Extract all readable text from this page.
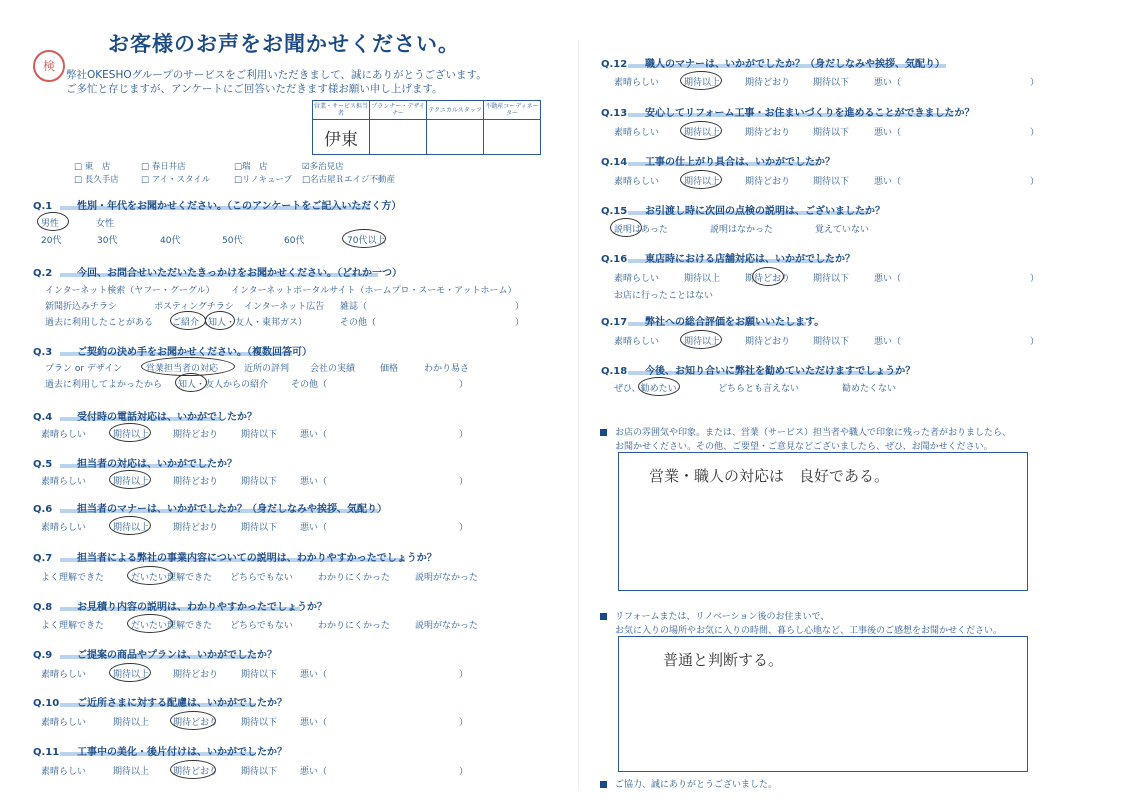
検
お客様のお声をお聞かせください。
弊社OKESHOグループのサービスをご利用いただきまして、誠にありがとうございます。
ご多忙と存じますが、アンケートにご回答いただきます様お願い申し上げます。
営業・サービス担当者	プランナー・デザイナー	テクニカルスタッフ	不動産コーディネーター
伊東			
□ 東　店	□ 春日井店	□瑞　店	☑多治見店
□ 長久手店	□ アイ・スタイル	□リノキューブ □名古屋Ｒエイジ不動産
Q.1 性別・年代をお聞かせください。（このアンケートをご記入いただく方）
男性	女性
20代	30代	40代	50代	60代	70代以上
Q.2 今回、お問合せいただいたきっかけをお聞かせください。（どれか一つ）
インターネット検索（ヤフー・グーグル） インターネットポータルサイト（ホームプロ・スーモ・アットホーム）
新聞折込みチラシ	ポスティングチラシ インターネット広告 雑誌（	）
過去に利用したことがある ご紹介（知人・友人・東邦ガス）	その他（	）
Q.3 ご契約の決め手をお聞かせください。（複数回答可）
プラン or デザイン	営業担当者の対応	近所の評判 会社の実績	価格	わかり易さ
過去に利用してよかったから 知人・友人からの紹介	その他（	）
Q.4 受付時の電話対応は、いかがでしたか？
素晴らしい	期待以上	期待どおり	期待以下	悪い（	）
Q.5 担当者の対応は、いかがでしたか？
素晴らしい	期待以上	期待どおり	期待以下	悪い（	）
Q.6 担当者のマナーは、いかがでしたか？（身だしなみや挨拶、気配り）
素晴らしい	期待以上	期待どおり	期待以下	悪い（	）
Q.7 担当者による弊社の事業内容についての説明は、わかりやすかったでしょうか？
よく理解できた	だいたい理解できた どちらでもない	わかりにくかった	説明がなかった
Q.8 お見積り内容の説明は、わかりやすかったでしょうか？
よく理解できた	だいたい理解できた どちらでもない	わかりにくかった	説明がなかった
Q.9 ご提案の商品やプランは、いかがでしたか？
素晴らしい	期待以上	期待どおり	期待以下	悪い（	）
Q.10 ご近所さまに対する配慮は、いかがでしたか？
素晴らしい	期待以上	期待どおり	期待以下	悪い（	）
Q.11 工事中の美化・後片付けは、いかがでしたか？
素晴らしい	期待以上	期待どおり	期待以下	悪い（	）
Q.12 職人のマナーは、いかがでしたか？（身だしなみや挨拶、気配り）
素晴らしい	期待以上	期待どおり	期待以下	悪い（	）
Q.13 安心してリフォーム工事・お住まいづくりを進めることができましたか？
素晴らしい	期待以上	期待どおり	期待以下	悪い（	）
Q.14 工事の仕上がり具合は、いかがでしたか？
素晴らしい	期待以上	期待どおり	期待以下	悪い（	）
Q.15 お引渡し時に次回の点検の説明は、ございましたか？
説明はあった	説明はなかった	覚えていない
Q.16 東店時における店舗対応は、いかがでしたか？
素晴らしい	期待以上	期待どおり	期待以下	悪い（	）
お店に行ったことはない
Q.17 弊社への総合評価をお願いいたします。
素晴らしい	期待以上	期待どおり	期待以下	悪い（	）
Q.18 今後、お知り合いに弊社を勧めていただけますでしょうか？
ぜひ、勧めたい	どちらとも言えない	勧めたくない
お店の雰囲気や印象。または、営業（サービス）担当者や職人で印象に残った者がおりましたら、
お聞かせください。その他、ご要望・ご意見などございましたら、ぜひ、お聞かせください。
営業・職人の対応は　良好である。
リフォームまたは、リノベーション後のお住まいで、
お気に入りの場所やお気に入りの時間、暮らし心地など、工事後のご感想をお聞かせください。
普通と判断する。
ご協力、誠にありがとうございました。
